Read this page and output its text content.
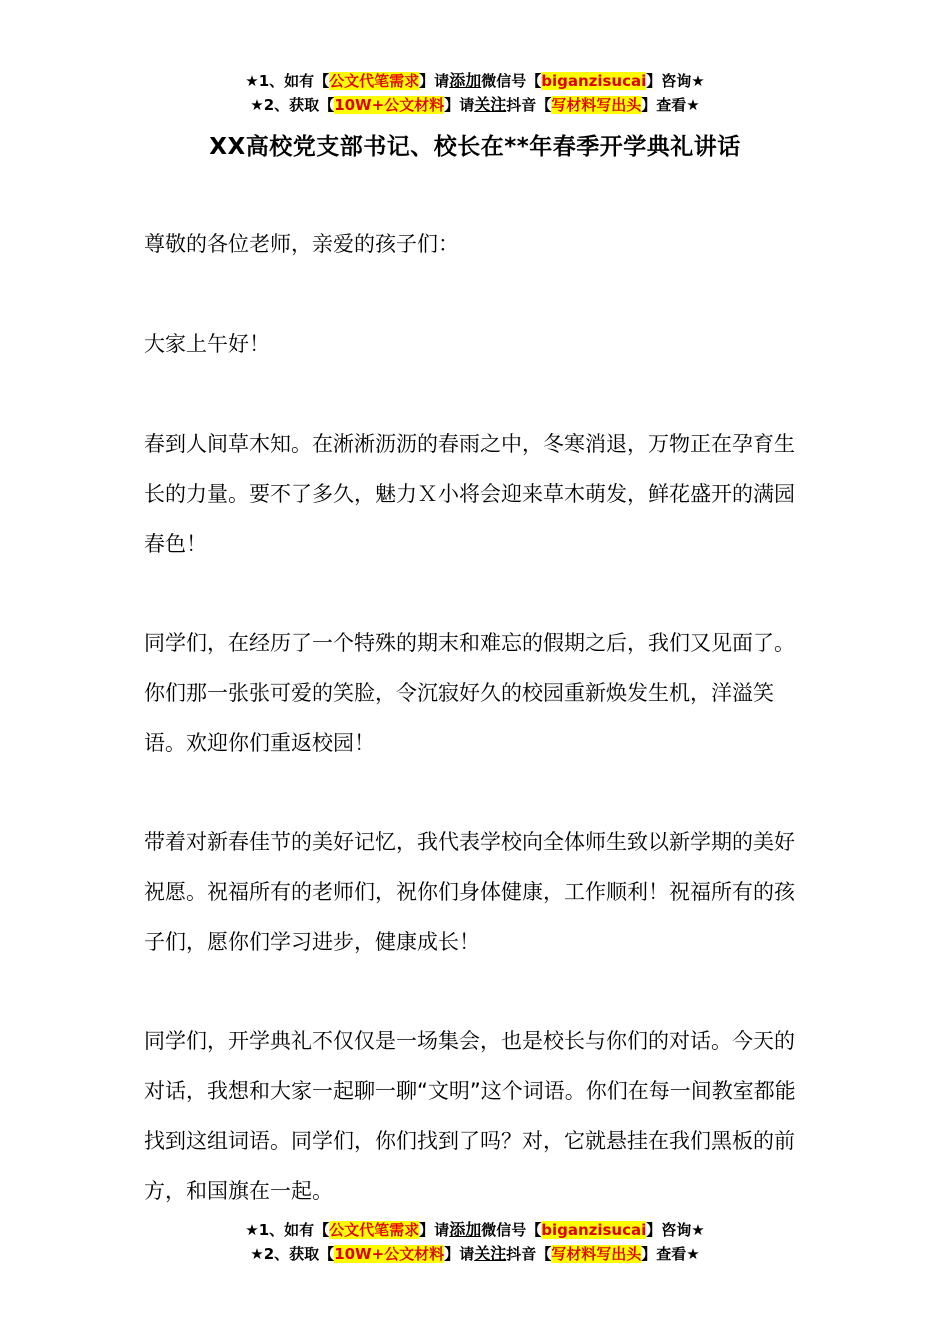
★1、如有【公文代笔需求】请添加微信号【biganzisucai】咨询★
★2、获取【10W+公文材料】请关注抖音【写材料写出头】查看★
XX高校党支部书记、校长在**年春季开学典礼讲话

尊敬的各位老师，亲爱的孩子们：

大家上午好！

春到人间草木知。在淅淅沥沥的春雨之中，冬寒消退，万物正在孕育生长的力量。要不了多久，魅力Ｘ小将会迎来草木萌发，鲜花盛开的满园春色！

同学们，在经历了一个特殊的期末和难忘的假期之后，我们又见面了。你们那一张张可爱的笑脸，令沉寂好久的校园重新焕发生机，洋溢笑语。欢迎你们重返校园！

带着对新春佳节的美好记忆，我代表学校向全体师生致以新学期的美好祝愿。祝福所有的老师们，祝你们身体健康，工作顺利！祝福所有的孩子们，愿你们学习进步，健康成长！

同学们，开学典礼不仅仅是一场集会，也是校长与你们的对话。今天的对话，我想和大家一起聊一聊“文明”这个词语。你们在每一间教室都能找到这组词语。同学们，你们找到了吗？对，它就悬挂在我们黑板的前方，和国旗在一起。

★1、如有【公文代笔需求】请添加微信号【biganzisucai】咨询★
★2、获取【10W+公文材料】请关注抖音【写材料写出头】查看★
